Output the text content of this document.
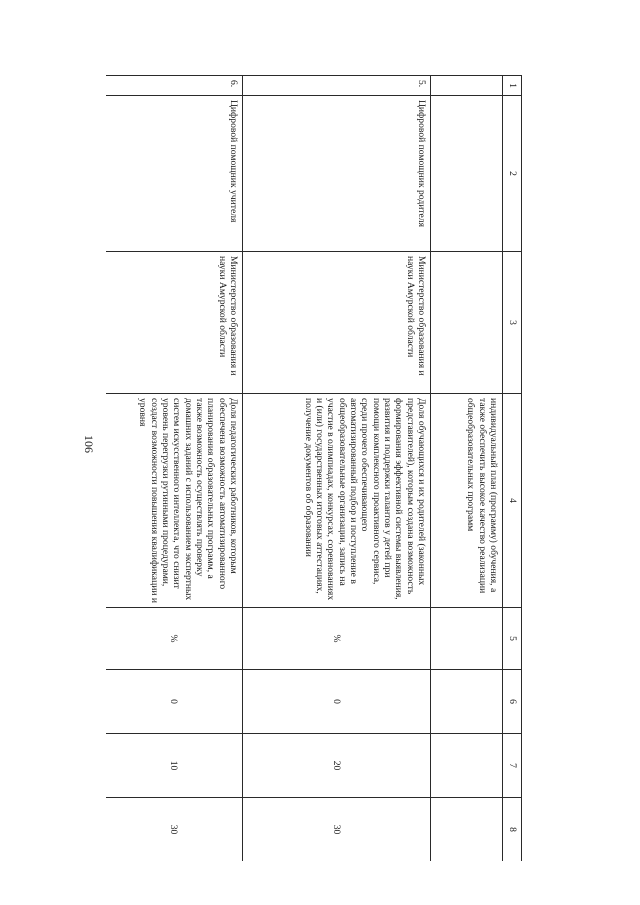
106
1	2	3	4	5	6	7	8
			индивидуальный план (программу) обучения, а также обеспечить высокое качество реализации общеобразовательных программ				
5.	Цифровой помощник родителя	Министерство образования и науки Амурской области	Доля обучающихся и их родителей (законных представителей), которым создана возможность формирования эффективной системы выявления, развития и поддержки талантов у детей при помощи комплексного проактивного сервиса, среди прочего обеспечивающего автоматизированный подбор и поступление в общеобразовательные организации, запись на участие в олимпиадах, конкурсах, соревнованиях и (или) государственных итоговых аттестациях, получение документов об образовании	%	0	20	30
6.	Цифровой помощник учителя	Министерство образования и науки Амурской области	Доля педагогических работников, которым обеспечена возможность автоматизированного планирования образовательных программ, а также возможность осуществлять проверку домашних заданий с использованием экспертных систем искусственного интеллекта, что снизит уровень перегрузки рутинными процедурами, создаст возможности повышения квалификации и уровня	%	0	10	30
